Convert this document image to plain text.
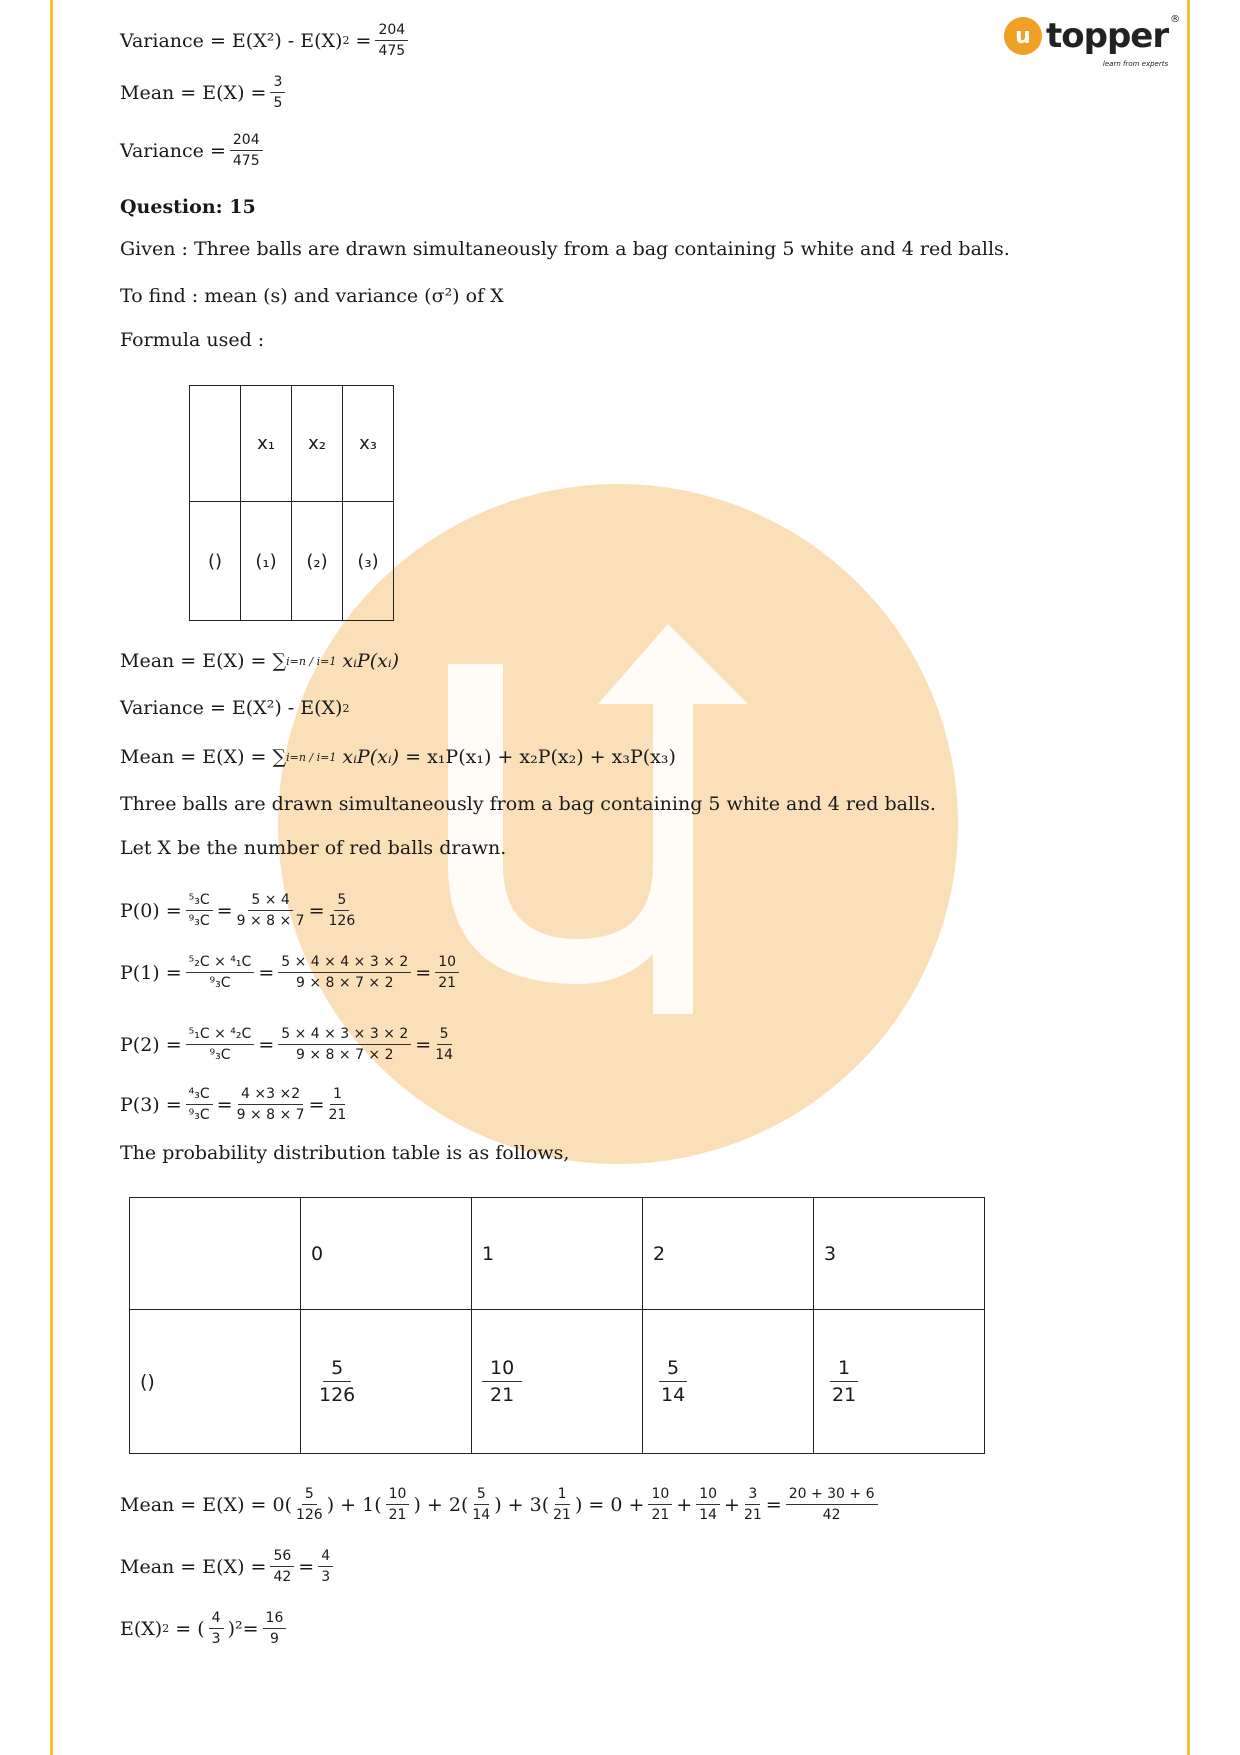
u topper ®
learn from experts
Variance = E(X²) - E(X) 2
= $\frac{204}{475}$
Mean = $E(X) = \frac{3}{5}$
Variance = $\frac{204}{475}$
Question: 15
Given : Three balls are drawn simultaneously from a bag containing 5 white and 4 red balls.
To find : mean (s) and variance (σ²) of X
Formula used :
	x₁	x₂	x₃
()	(₁)	(₂)	(₃)
Mean = E(X) =
∑ i=n / i=1
xᵢP(xᵢ)
Variance = E(X²) - E(X) 2
Mean = E(X) =
∑ i=n / i=1
xᵢP(xᵢ)
= x₁P(x₁) + x₂P(x₂) + x₃P(x₃)
Three balls are drawn simultaneously from a bag containing 5 white and 4 red balls.
Let X be the number of red balls drawn.
$P(0) = \frac{\text{⁵₃C}}{\text{⁹₃C}} = \frac{5 \times 4}{9 \times 8 \times 7} = \frac{5}{126}$
$P(1) = \frac{\text{⁵₂C × ⁴₁C}}{\text{⁹₃C}} = \frac{5 \times 4 \times 4 \times 3 \times 2}{9 \times 8 \times 7 \times 2} = \frac{10}{21}$
$P(2) = \frac{\text{⁵₁C × ⁴₂C}}{\text{⁹₃C}} = \frac{5 \times 4 \times 3 \times 3 \times 2}{9 \times 8 \times 7 \times 2} = \frac{5}{14}$
$P(3) = \frac{\text{⁴₃C}}{\text{⁹₃C}} = \frac{4 \times 3 \times 2}{9 \times 8 \times 7} = \frac{1}{21}$
The probability distribution table is as follows,
	0	1	2	3
()	$\frac{5}{126}$	$\frac{10}{21}$	$\frac{5}{14}$	$\frac{1}{21}$
Mean = $E(X) = 0( \frac{5}{126}$ ) + $1( \frac{10}{21}$ ) + $2( \frac{5}{14}$ ) + $3( \frac{1}{21}$ ) = $0 + \frac{10}{21} + \frac{10}{14} + \frac{3}{21} = \frac{20 + 30 + 6}{42}$
Mean = $E(X) = \frac{56}{42} = \frac{4}{3}$
E(X) 2
= ( $\frac{4}{3} )^2= \frac{16}{9}$
